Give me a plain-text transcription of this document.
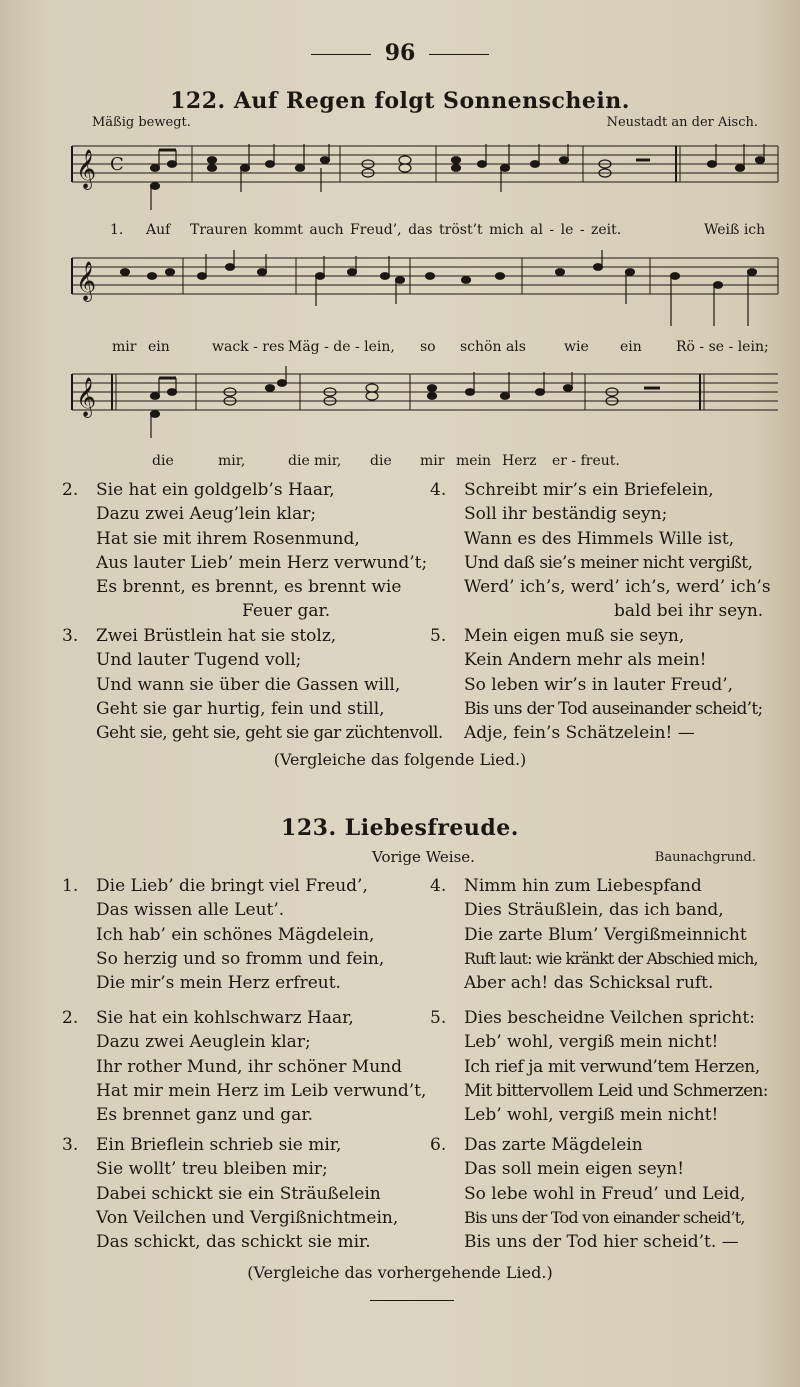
96
122. Auf Regen folgt Sonnenschein.
Mäßig bewegt.	Neustadt an der Aisch.
𝄞 C
1. Auf Trauren kommt auch Freud’, das tröst’t mich al - le - zeit.	Weiß ich
𝄞
mir ein	wack - res Mäg - de - lein, so schön als	wie ein Rö - se - lein;
𝄞
die	mir,	die mir, die mir mein Herz er - freut.
2.	Sie hat ein goldgelb’s Haar,
Dazu zwei Aeug’lein klar;
Hat sie mit ihrem Rosenmund,
Aus lauter Lieb’ mein Herz verwund’t;
Es brennt, es brennt, es brennt wie
Feuer gar.
3.	Zwei Brüstlein hat sie stolz,
Und lauter Tugend voll;
Und wann sie über die Gassen will,
Geht sie gar hurtig, fein und still,
Geht sie, geht sie, geht sie gar züchtenvoll.
4.	Schreibt mir’s ein Briefelein,
Soll ihr beständig seyn;
Wann es des Himmels Wille ist,
Und daß sie’s meiner nicht vergißt,
Werd’ ich’s, werd’ ich’s, werd’ ich’s
bald bei ihr seyn.
5.	Mein eigen muß sie seyn,
Kein Andern mehr als mein!
So leben wir’s in lauter Freud’,
Bis uns der Tod auseinander scheid’t;
Adje, fein’s Schätzelein! —
(Vergleiche das folgende Lied.)
123. Liebesfreude.
Vorige Weise.	Baunachgrund.
1.	Die Lieb’ die bringt viel Freud’,
Das wissen alle Leut’.
Ich hab’ ein schönes Mägdelein,
So herzig und so fromm und fein,
Die mir’s mein Herz erfreut.
2.	Sie hat ein kohlschwarz Haar,
Dazu zwei Aeuglein klar;
Ihr rother Mund, ihr schöner Mund
Hat mir mein Herz im Leib verwund’t,
Es brennet ganz und gar.
3.	Ein Brieflein schrieb sie mir,
Sie wollt’ treu bleiben mir;
Dabei schickt sie ein Sträußelein
Von Veilchen und Vergißnichtmein,
Das schickt, das schickt sie mir.
4.	Nimm hin zum Liebespfand
Dies Sträußlein, das ich band,
Die zarte Blum’ Vergißmeinnicht
Ruft laut: wie kränkt der Abschied mich,
Aber ach! das Schicksal ruft.
5.	Dies bescheidne Veilchen spricht:
Leb’ wohl, vergiß mein nicht!
Ich rief ja mit verwund’tem Herzen,
Mit bittervollem Leid und Schmerzen:
Leb’ wohl, vergiß mein nicht!
6.	Das zarte Mägdelein
Das soll mein eigen seyn!
So lebe wohl in Freud’ und Leid,
Bis uns der Tod von einander scheid’t,
Bis uns der Tod hier scheid’t. —
(Vergleiche das vorhergehende Lied.)
